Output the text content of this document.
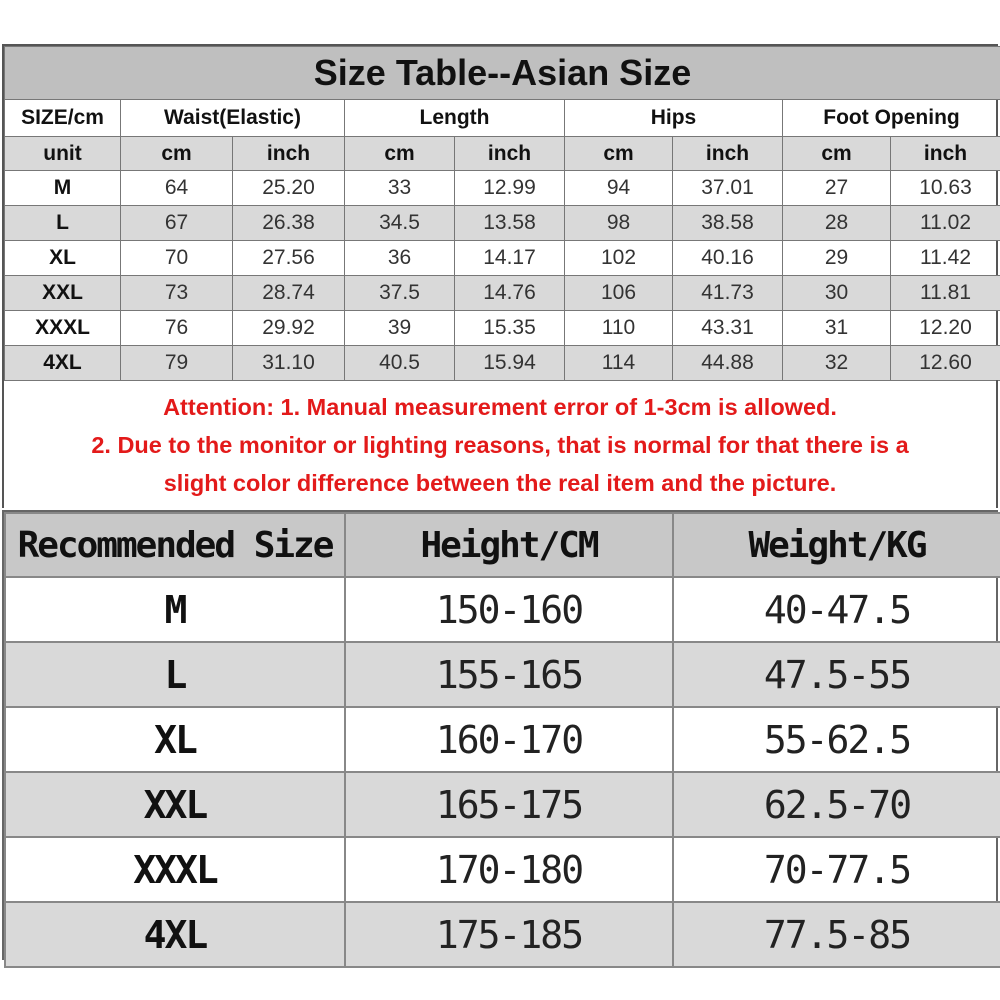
Size Table--Asian Size								
SIZE/cm	Waist(Elastic)		Length		Hips		Foot Opening	
unit	cm	inch	cm	inch	cm	inch	cm	inch
M	64	25.20	33	12.99	94	37.01	27	10.63
L	67	26.38	34.5	13.58	98	38.58	28	11.02
XL	70	27.56	36	14.17	102	40.16	29	11.42
XXL	73	28.74	37.5	14.76	106	41.73	30	11.81
XXXL	76	29.92	39	15.35	110	43.31	31	12.20
4XL	79	31.10	40.5	15.94	114	44.88	32	12.60
Attention: 1. Manual measurement error of 1-3cm is allowed.
2. Due to the monitor or lighting reasons, that is normal for that there is a
slight color difference between the real item and the picture.
Recommended Size	Height/CM	Weight/KG
M	150-160	40-47.5
L	155-165	47.5-55
XL	160-170	55-62.5
XXL	165-175	62.5-70
XXXL	170-180	70-77.5
4XL	175-185	77.5-85
